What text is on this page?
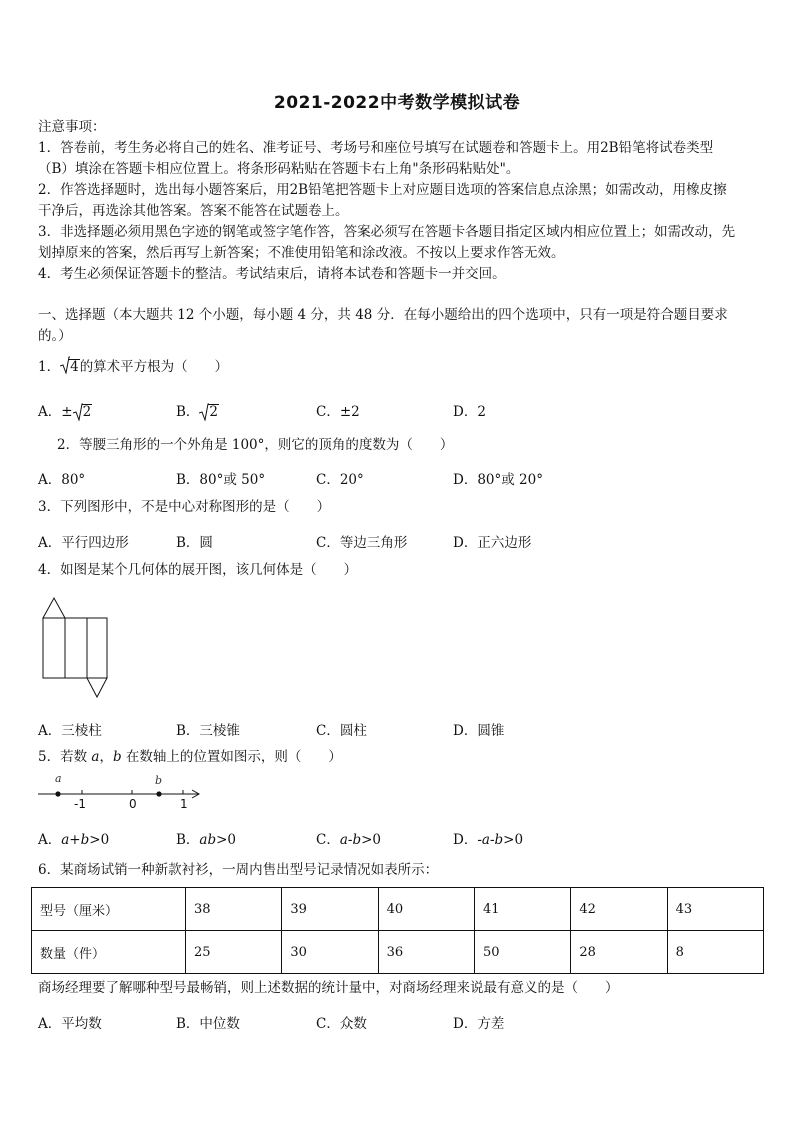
2021-2022中考数学模拟试卷
注意事项：
1．答卷前，考生务必将自己的姓名、准考证号、考场号和座位号填写在试题卷和答题卡上。用2B铅笔将试卷类型
（B）填涂在答题卡相应位置上。将条形码粘贴在答题卡右上角"条形码粘贴处"。
2．作答选择题时，选出每小题答案后，用2B铅笔把答题卡上对应题目选项的答案信息点涂黑；如需改动，用橡皮擦
干净后，再选涂其他答案。答案不能答在试题卷上。
3．非选择题必须用黑色字迹的钢笔或签字笔作答，答案必须写在答题卡各题目指定区域内相应位置上；如需改动，先
划掉原来的答案，然后再写上新答案；不准使用铅笔和涂改液。不按以上要求作答无效。
4．考生必须保证答题卡的整洁。考试结束后，请将本试卷和答题卡一并交回。
一、选择题（本大题共 12 个小题，每小题 4 分，共 48 分．在每小题给出的四个选项中，只有一项是符合题目要求
的。）
1． 4的算术平方根为（　　）
A．± 2	B． 2	C．±2	D．2
2．等腰三角形的一个外角是 100°，则它的顶角的度数为（　　）
A．80°	B．80°或 50°	C．20°	D．80°或 20°
3．下列图形中，不是中心对称图形的是（　　）
A．平行四边形	B．圆	C．等边三角形	D．正六边形
4．如图是某个几何体的展开图，该几何体是（　　）
A．三棱柱	B．三棱锥	C．圆柱	D．圆锥
5．若数 a，b 在数轴上的位置如图示，则（　　）
a	b
-1	0	1
A．a+b>0	B．ab>0	C．a-b>0	D．-a-b>0
6．某商场试销一种新款衬衫，一周内售出型号记录情况如表所示：
型号（厘米）	38	39	40	41	42	43
数量（件）	25	30	36	50	28	8
商场经理要了解哪种型号最畅销，则上述数据的统计量中，对商场经理来说最有意义的是（　　）
A．平均数	B．中位数	C．众数	D．方差
